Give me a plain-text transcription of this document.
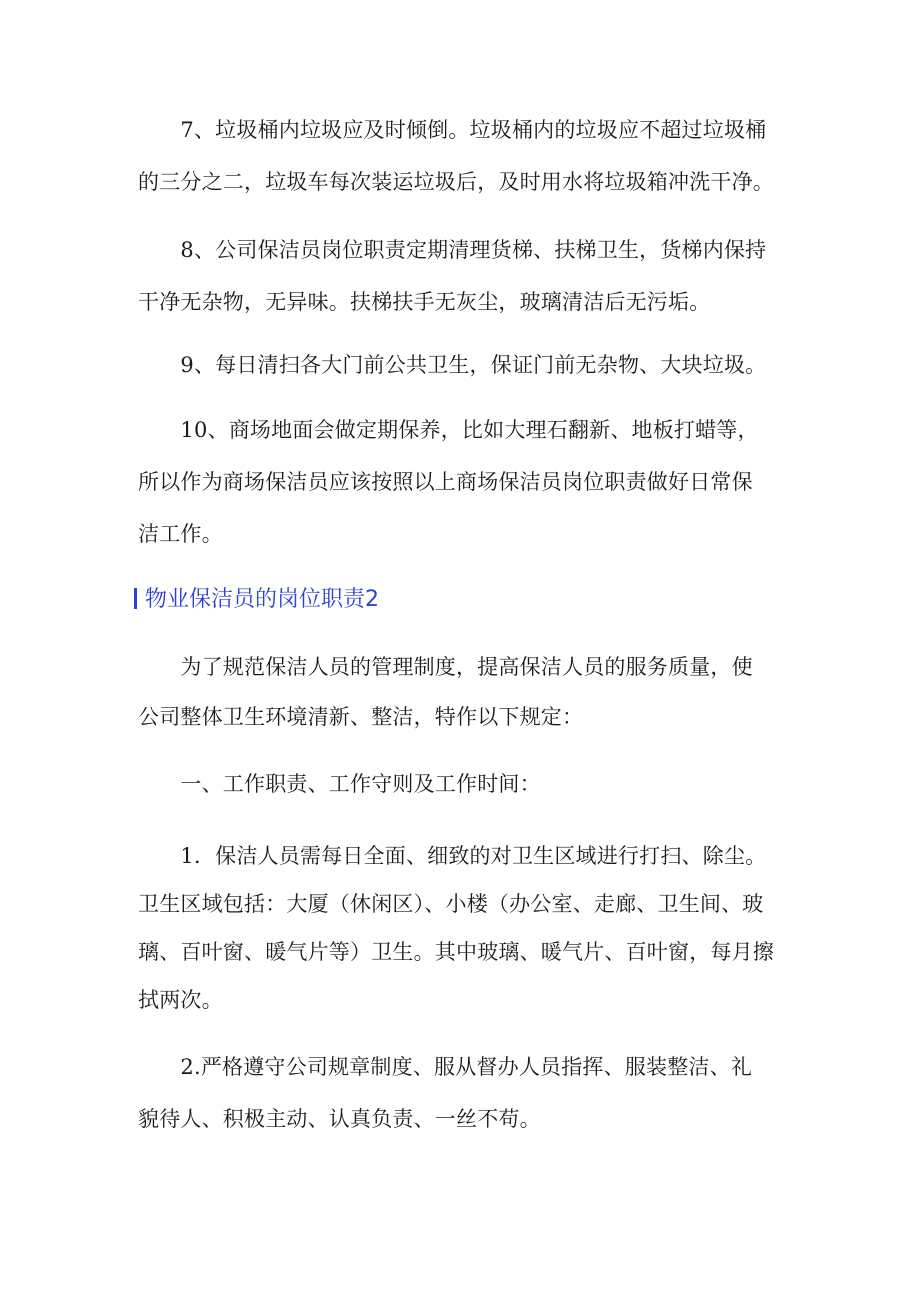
　　7、垃圾桶内垃圾应及时倾倒。垃圾桶内的垃圾应不超过垃圾桶
的三分之二，垃圾车每次装运垃圾后，及时用水将垃圾箱冲洗干净。
　　8、公司保洁员岗位职责定期清理货梯、扶梯卫生，货梯内保持
干净无杂物，无异味。扶梯扶手无灰尘，玻璃清洁后无污垢。
　　9、每日清扫各大门前公共卫生，保证门前无杂物、大块垃圾。
　　10、商场地面会做定期保养，比如大理石翻新、地板打蜡等，
所以作为商场保洁员应该按照以上商场保洁员岗位职责做好日常保
洁工作。
物业保洁员的岗位职责2
　　为了规范保洁人员的管理制度，提高保洁人员的服务质量，使
公司整体卫生环境清新、整洁，特作以下规定：
　　一、工作职责、工作守则及工作时间：
　　1．保洁人员需每日全面、细致的对卫生区域进行打扫、除尘。
卫生区域包括：大厦（休闲区）、小楼（办公室、走廊、卫生间、玻
璃、百叶窗、暖气片等）卫生。其中玻璃、暖气片、百叶窗，每月擦
拭两次。
　　2.严格遵守公司规章制度、服从督办人员指挥、服装整洁、礼
貌待人、积极主动、认真负责、一丝不苟。
